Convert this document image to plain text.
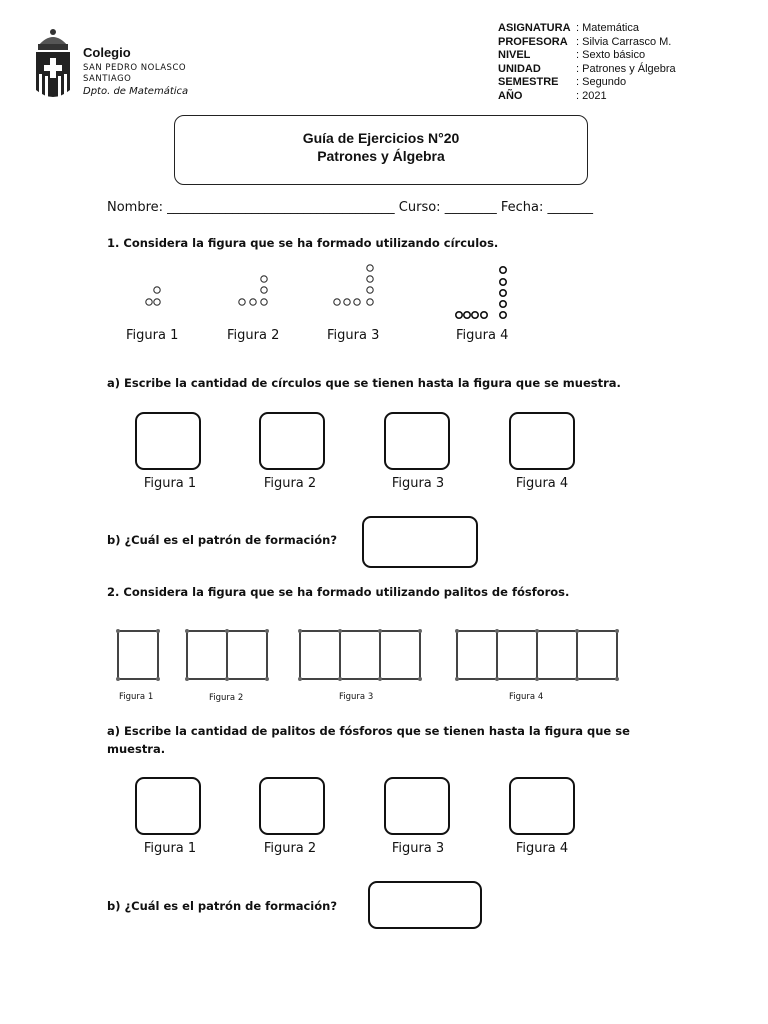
Colegio
SAN PEDRO NOLASCO
SANTIAGO
Dpto. de Matemática
ASIGNATURA : Matemática
PROFESORA : Silvia Carrasco M.
NIVEL	: Sexto básico
UNIDAD	: Patrones y Álgebra
SEMESTRE	: Segundo
AÑO	: 2021
Guía de Ejercicios N°20
Patrones y Álgebra
Nombre: ___________________________________ Curso: ________ Fecha: _______
1. Considera la figura que se ha formado utilizando círculos.
Figura 1	Figura 2	Figura 3	Figura 4
a) Escribe la cantidad de círculos que se tienen hasta la figura que se muestra.
Figura 1	Figura 2	Figura 3	Figura 4
b) ¿Cuál es el patrón de formación?
2. Considera la figura que se ha formado utilizando palitos de fósforos.
Figura 1	Figura 2	Figura 3	Figura 4
a) Escribe la cantidad de palitos de fósforos que se tienen hasta la figura que se
muestra.
Figura 1	Figura 2	Figura 3	Figura 4
b) ¿Cuál es el patrón de formación?
